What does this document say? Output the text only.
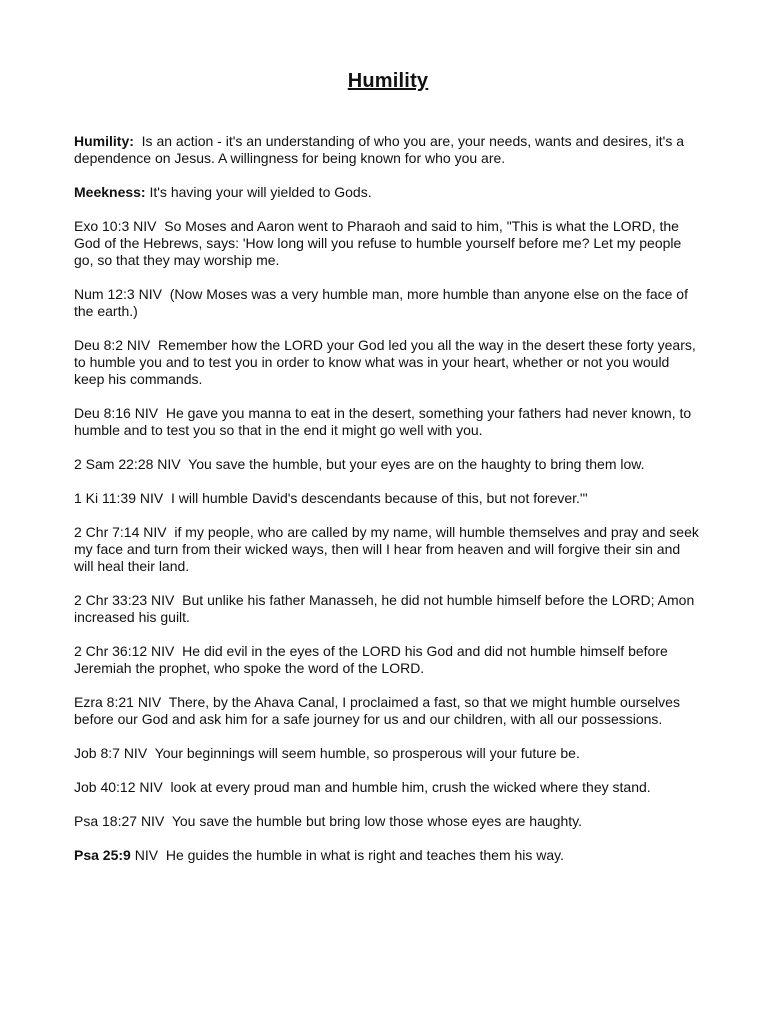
Humility
Humility: Is an action - it's an understanding of who you are, your needs, wants and desires, it's a dependence on Jesus. A willingness for being known for who you are.
Meekness: It's having your will yielded to Gods.
Exo 10:3 NIV So Moses and Aaron went to Pharaoh and said to him, "This is what the LORD, the God of the Hebrews, says: 'How long will you refuse to humble yourself before me? Let my people go, so that they may worship me.
Num 12:3 NIV (Now Moses was a very humble man, more humble than anyone else on the face of the earth.)
Deu 8:2 NIV Remember how the LORD your God led you all the way in the desert these forty years, to humble you and to test you in order to know what was in your heart, whether or not you would keep his commands.
Deu 8:16 NIV He gave you manna to eat in the desert, something your fathers had never known, to humble and to test you so that in the end it might go well with you.
2 Sam 22:28 NIV You save the humble, but your eyes are on the haughty to bring them low.
1 Ki 11:39 NIV I will humble David's descendants because of this, but not forever.'"
2 Chr 7:14 NIV if my people, who are called by my name, will humble themselves and pray and seek my face and turn from their wicked ways, then will I hear from heaven and will forgive their sin and will heal their land.
2 Chr 33:23 NIV But unlike his father Manasseh, he did not humble himself before the LORD; Amon increased his guilt.
2 Chr 36:12 NIV He did evil in the eyes of the LORD his God and did not humble himself before Jeremiah the prophet, who spoke the word of the LORD.
Ezra 8:21 NIV There, by the Ahava Canal, I proclaimed a fast, so that we might humble ourselves before our God and ask him for a safe journey for us and our children, with all our possessions.
Job 8:7 NIV Your beginnings will seem humble, so prosperous will your future be.
Job 40:12 NIV look at every proud man and humble him, crush the wicked where they stand.
Psa 18:27 NIV You save the humble but bring low those whose eyes are haughty.
Psa 25:9 NIV He guides the humble in what is right and teaches them his way.
